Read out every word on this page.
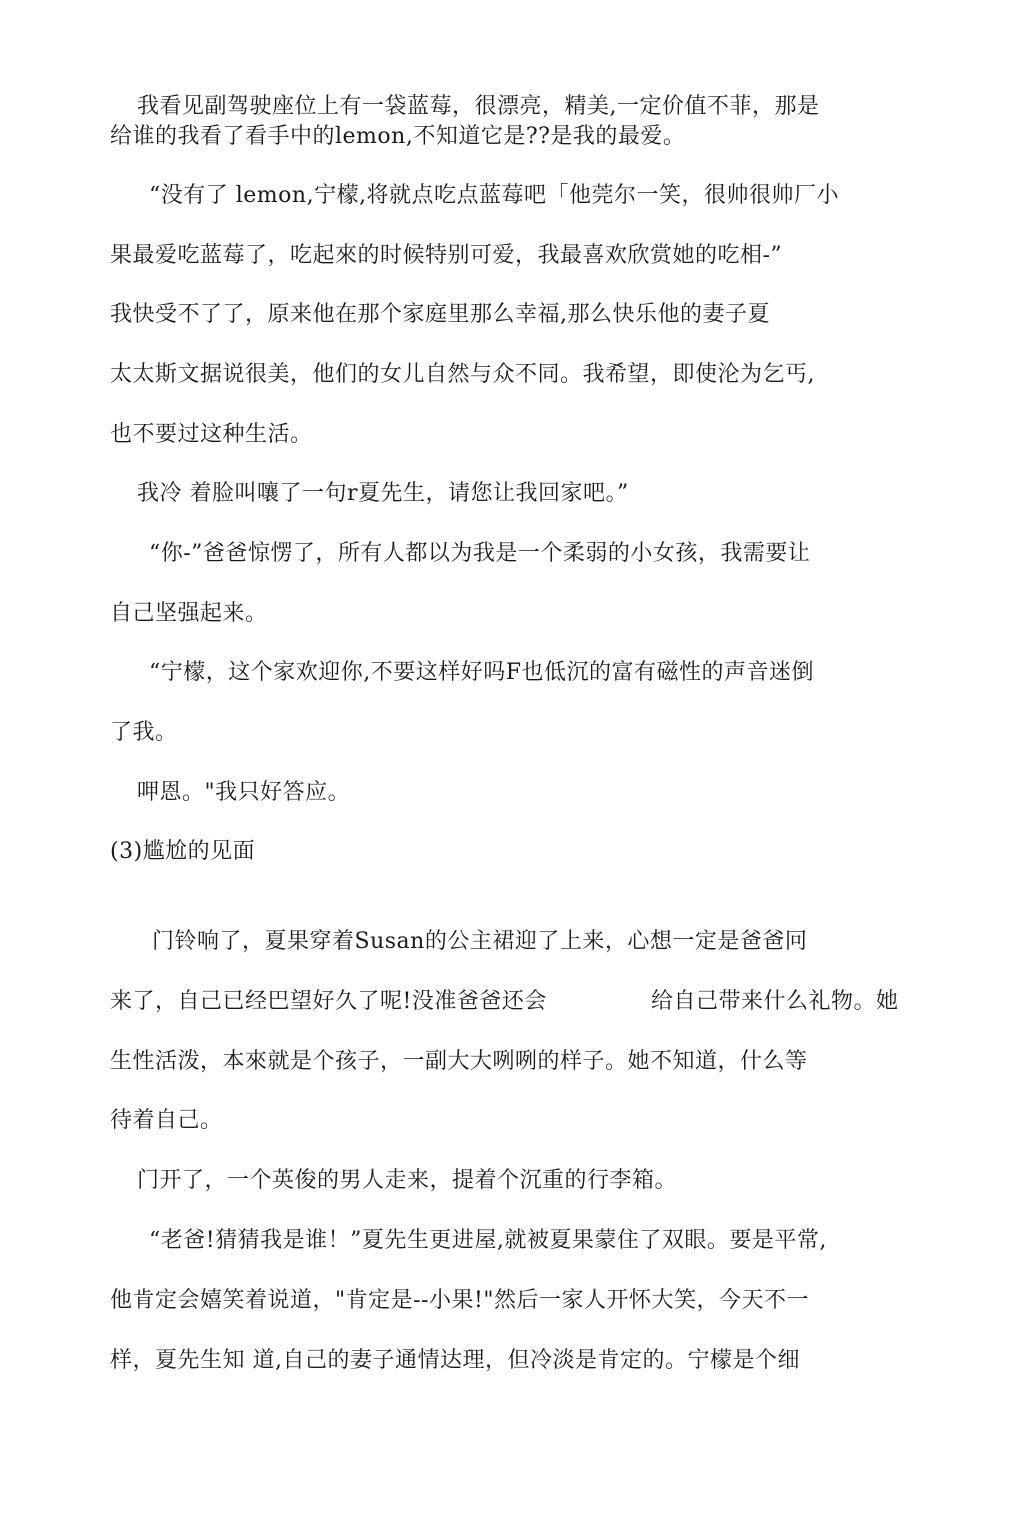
我看见副驾驶座位上有一袋蓝莓，很漂亮，精美,一定价值不菲，那是
给谁的我看了看手中的lemon,不知道它是??是我的最爱。
“没有了 lemon,宁檬,将就点吃点蓝莓吧「他莞尔一笑，很帅很帅厂小
果最爱吃蓝莓了，吃起來的时候特别可爱，我最喜欢欣赏她的吃相-”
我快受不了了，原来他在那个家庭里那么幸福,那么快乐他的妻子夏
太太斯文据说很美，他们的女儿自然与众不同。我希望，即使沦为乞丐,
也不要过这种生活。
我冷 着脸叫嚷了一句r夏先生，请您让我回家吧。”
“你-”爸爸惊愣了，所有人都以为我是一个柔弱的小女孩，我需要让
自己坚强起来。
“宁檬，这个家欢迎你,不要这样好吗F也低沉的富有磁性的声音迷倒
了我。
呷恩。"我只好答应。
(3)尴尬的见面
门铃响了，夏果穿着Susan的公主裙迎了上来，心想一定是爸爸冋
来了，自己已经巴望好久了呢!没准爸爸还会	给自己带来什么礼物。她
生性活泼，本來就是个孩子，一副大大咧咧的样子。她不知道，什么等
待着自己。
门开了，一个英俊的男人走来，提着个沉重的行李箱。
“老爸!猜猜我是谁！”夏先生更进屋,就被夏果蒙住了双眼。要是平常,
他肯定会嬉笑着说道，"肯定是--小果!"然后一家人开怀大笑，今天不一
样，夏先生知 道,自己的妻子通情达理，但冷淡是肯定的。宁檬是个细
